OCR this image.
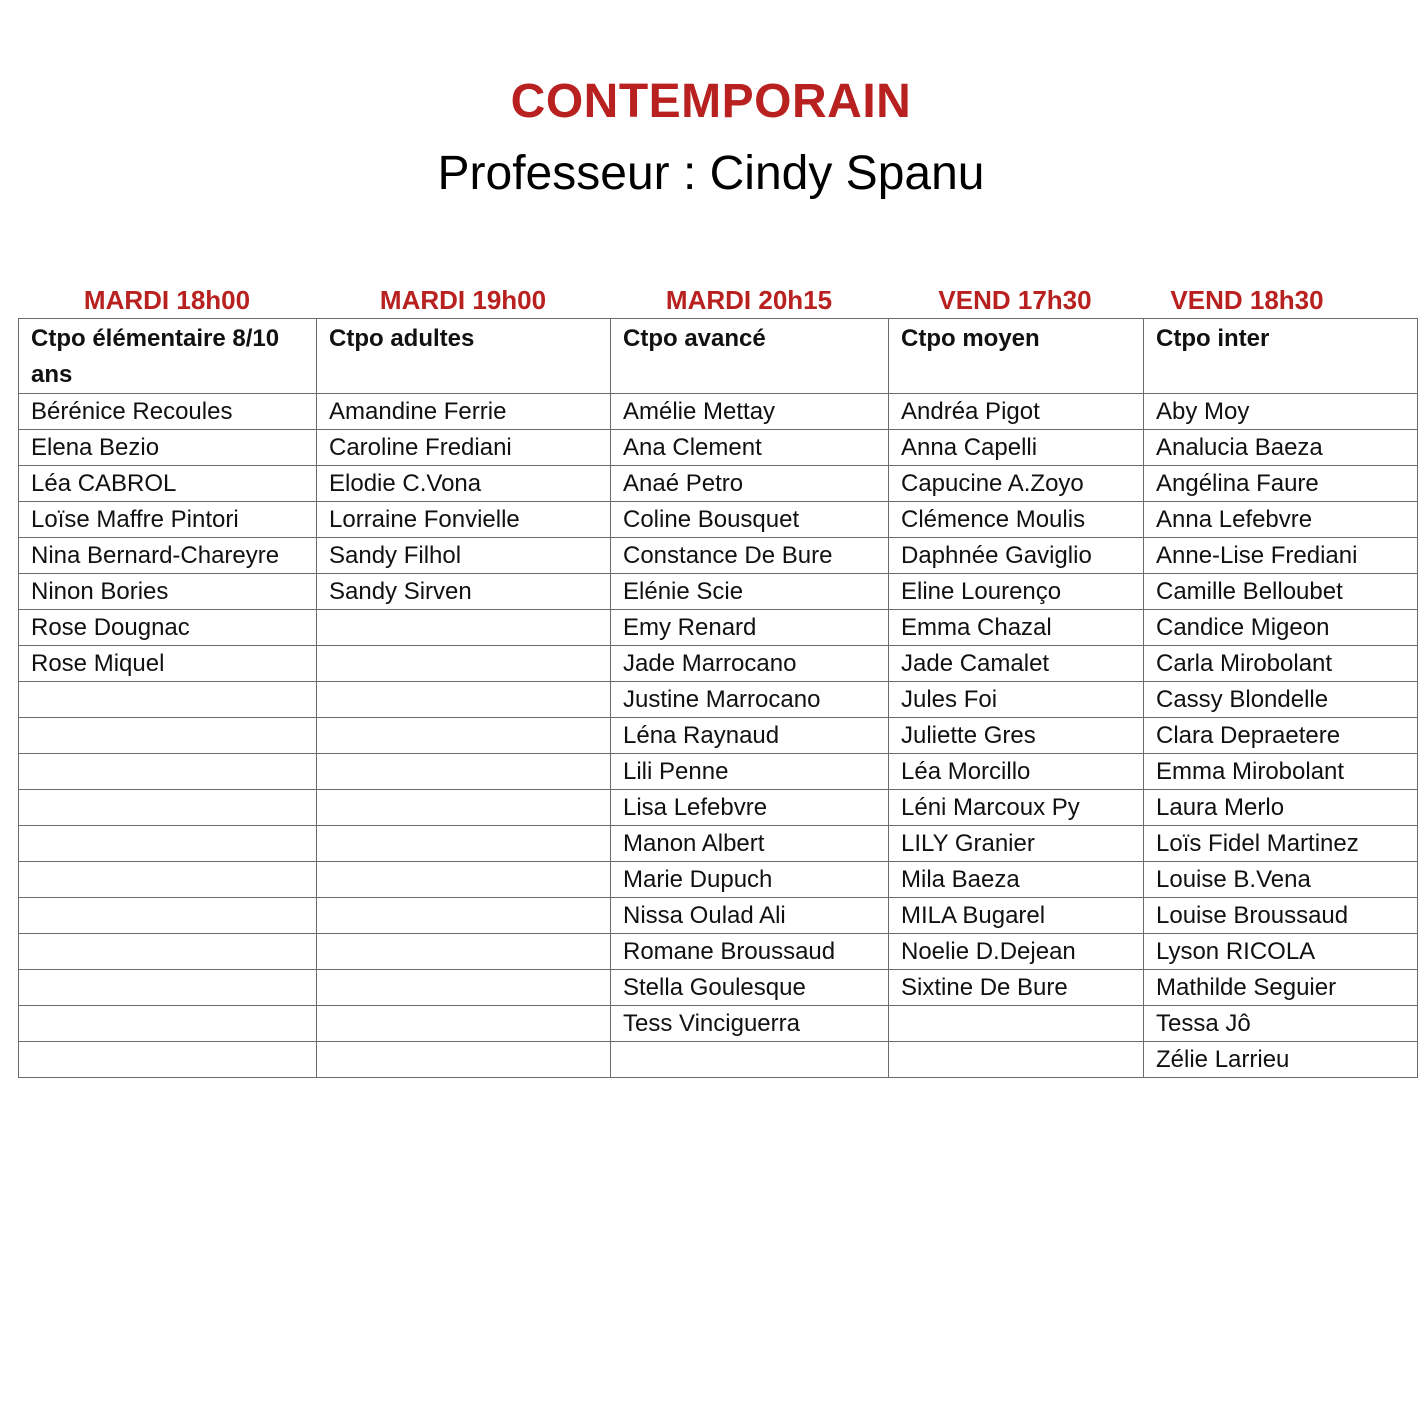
CONTEMPORAIN
Professeur : Cindy Spanu
MARDI 18h00	MARDI 19h00	MARDI 20h15	VEND 17h30	VEND 18h30
Ctpo élémentaire 8/10 ans	Ctpo adultes	Ctpo avancé	Ctpo moyen	Ctpo inter
Bérénice Recoules	Amandine Ferrie	Amélie Mettay	Andréa Pigot	Aby Moy
Elena Bezio	Caroline Frediani	Ana Clement	Anna Capelli	Analucia Baeza
Léa CABROL	Elodie C.Vona	Anaé Petro	Capucine A.Zoyo	Angélina Faure
Loïse Maffre Pintori	Lorraine Fonvielle	Coline Bousquet	Clémence Moulis	Anna Lefebvre
Nina Bernard-Chareyre	Sandy Filhol	Constance De Bure	Daphnée Gaviglio	Anne-Lise Frediani
Ninon Bories	Sandy Sirven	Elénie Scie	Eline Lourenço	Camille Belloubet
Rose Dougnac		Emy Renard	Emma Chazal	Candice Migeon
Rose Miquel		Jade Marrocano	Jade Camalet	Carla Mirobolant
		Justine Marrocano	Jules Foi	Cassy Blondelle
		Léna Raynaud	Juliette Gres	Clara Depraetere
		Lili Penne	Léa Morcillo	Emma Mirobolant
		Lisa Lefebvre	Léni Marcoux Py	Laura Merlo
		Manon Albert	LILY Granier	Loïs Fidel Martinez
		Marie Dupuch	Mila Baeza	Louise B.Vena
		Nissa Oulad Ali	MILA Bugarel	Louise Broussaud
		Romane Broussaud	Noelie D.Dejean	Lyson RICOLA
		Stella Goulesque	Sixtine De Bure	Mathilde Seguier
		Tess Vinciguerra		Tessa Jô
				Zélie Larrieu
